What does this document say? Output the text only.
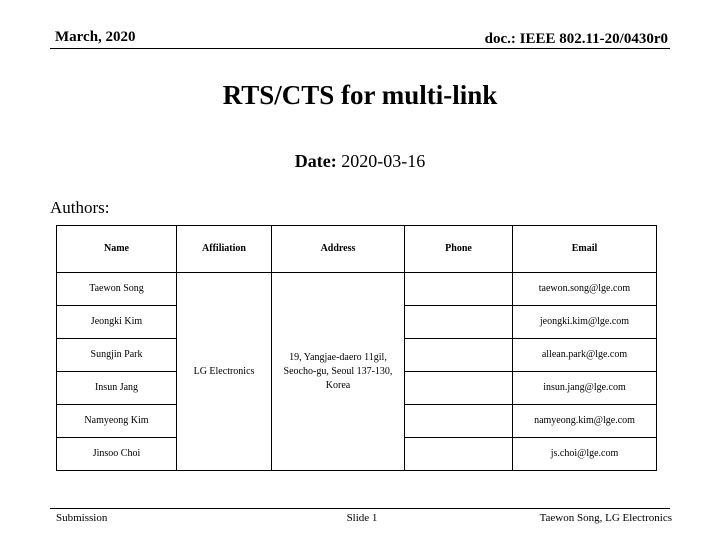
March, 2020	doc.: IEEE 802.11-20/0430r0
RTS/CTS for multi-link
Date: 2020-03-16
Authors:
Name	Affiliation	Address	Phone	Email
Taewon Song	LG Electronics	19, Yangjae-daero 11gil, Seocho-gu, Seoul 137-130, Korea		taewon.song@lge.com
Jeongki Kim				jeongki.kim@lge.com
Sungjin Park				allean.park@lge.com
Insun Jang				insun.jang@lge.com
Namyeong Kim				namyeong.kim@lge.com
Jinsoo Choi				js.choi@lge.com
Submission	Slide 1	Taewon Song, LG Electronics
